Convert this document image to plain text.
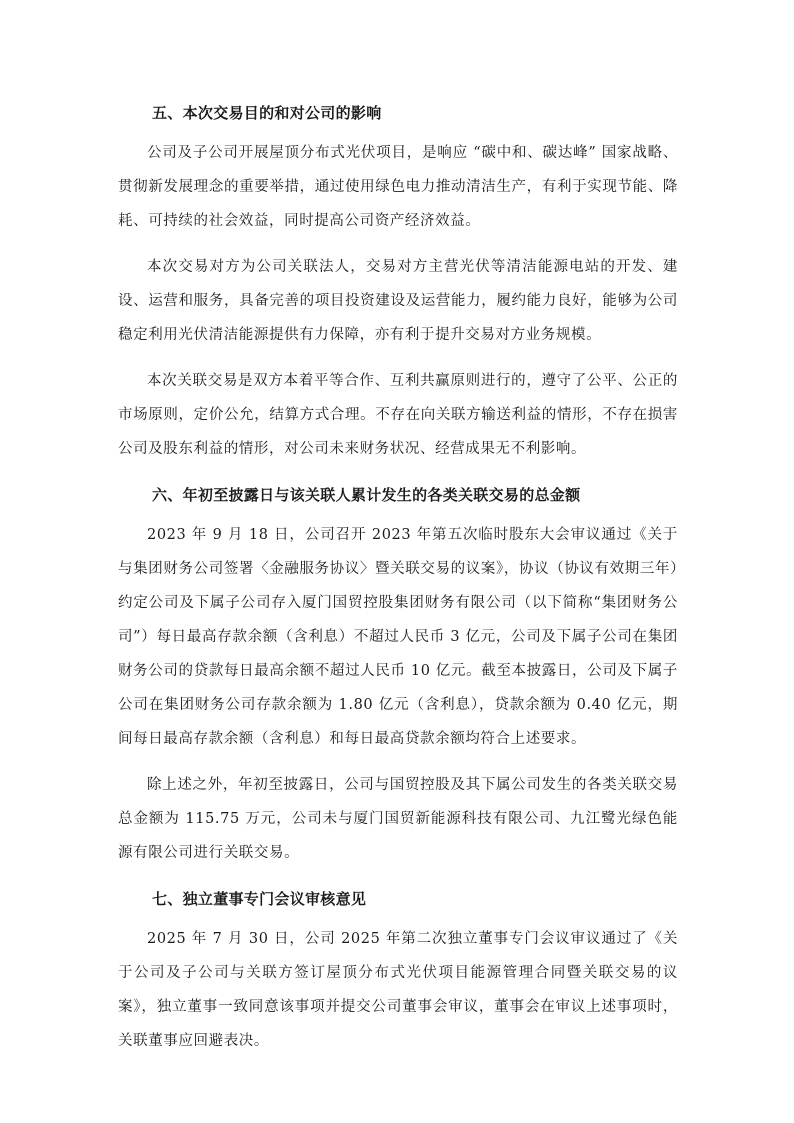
五、本次交易目的和对公司的影响

公司及子公司开展屋顶分布式光伏项目，是响应 “碳中和、碳达峰” 国家战略、贯彻新发展理念的重要举措，通过使用绿色电力推动清洁生产，有利于实现节能、降耗、可持续的社会效益，同时提高公司资产经济效益。

本次交易对方为公司关联法人，交易对方主营光伏等清洁能源电站的开发、建设、运营和服务，具备完善的项目投资建设及运营能力，履约能力良好，能够为公司稳定利用光伏清洁能源提供有力保障，亦有利于提升交易对方业务规模。

本次关联交易是双方本着平等合作、互利共赢原则进行的，遵守了公平、公正的市场原则，定价公允，结算方式合理。不存在向关联方输送利益的情形，不存在损害公司及股东利益的情形，对公司未来财务状况、经营成果无不利影响。

六、年初至披露日与该关联人累计发生的各类关联交易的总金额

2023 年 9 月 18 日，公司召开 2023 年第五次临时股东大会审议通过《关于与集团财务公司签署〈金融服务协议〉暨关联交易的议案》，协议（协议有效期三年）约定公司及下属子公司存入厦门国贸控股集团财务有限公司（以下简称“集团财务公司”）每日最高存款余额（含利息）不超过人民币 3 亿元，公司及下属子公司在集团财务公司的贷款每日最高余额不超过人民币 10 亿元。截至本披露日，公司及下属子公司在集团财务公司存款余额为 1.80 亿元（含利息），贷款余额为 0.40 亿元，期间每日最高存款余额（含利息）和每日最高贷款余额均符合上述要求。

除上述之外，年初至披露日，公司与国贸控股及其下属公司发生的各类关联交易总金额为 115.75 万元，公司未与厦门国贸新能源科技有限公司、九江鹭光绿色能源有限公司进行关联交易。

七、独立董事专门会议审核意见

2025 年 7 月 30 日，公司 2025 年第二次独立董事专门会议审议通过了《关于公司及子公司与关联方签订屋顶分布式光伏项目能源管理合同暨关联交易的议案》，独立董事一致同意该事项并提交公司董事会审议，董事会在审议上述事项时，关联董事应回避表决。
